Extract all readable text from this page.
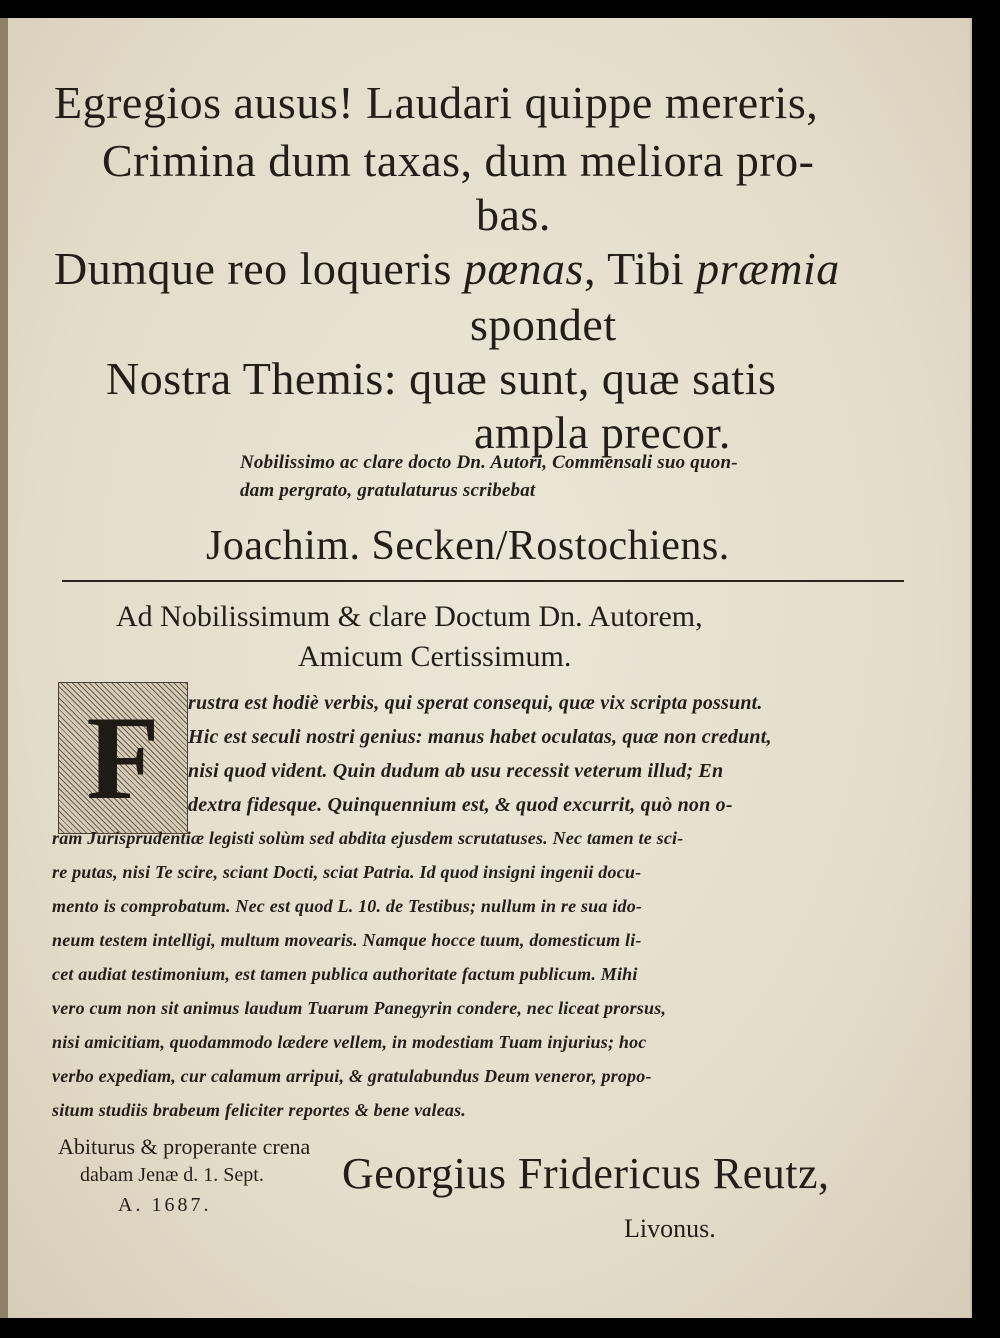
Egregios ausus! Laudari quippe mereris,
Crimina dum taxas, dum meliora pro-
bas.
Dumque reo loqueris pœnas, Tibi præmia
spondet
Nostra Themis: quæ sunt, quæ satis
ampla precor.
Nobilissimo ac clare docto Dn. Autori, Commensali suo quon-
dam pergrato, gratulaturus scribebat
Joachim. Secken/Rostochiens.
Ad Nobilissimum & clare Doctum Dn. Autorem,
Amicum Certissimum.
F	rustra est hodiè verbis, qui sperat consequi, quæ vix scripta possunt.
Hic est seculi nostri genius: manus habet oculatas, quæ non credunt,
nisi quod vident. Quin dudum ab usu recessit veterum illud; En
dextra fidesque. Quinquennium est, & quod excurrit, quò non o-
ram Jurisprudentiæ legisti solùm sed abdita ejusdem scrutatuses. Nec tamen te sci-
re putas, nisi Te scire, sciant Docti, sciat Patria. Id quod insigni ingenii docu-
mento is comprobatum. Nec est quod L. 10. de Testibus; nullum in re sua ido-
neum testem intelligi, multum movearis. Namque hocce tuum, domesticum li-
cet audiat testimonium, est tamen publica authoritate factum publicum. Mihi
vero cum non sit animus laudum Tuarum Panegyrin condere, nec liceat prorsus,
nisi amicitiam, quodammodo lædere vellem, in modestiam Tuam injurius; hoc
verbo expediam, cur calamum arripui, & gratulabundus Deum veneror, propo-
situm studiis brabeum feliciter reportes & bene valeas.
Abiturus & properante crena
dabam Jenæ d. 1. Sept.
A. 1687.
Georgius Fridericus Reutz,
Livonus.
